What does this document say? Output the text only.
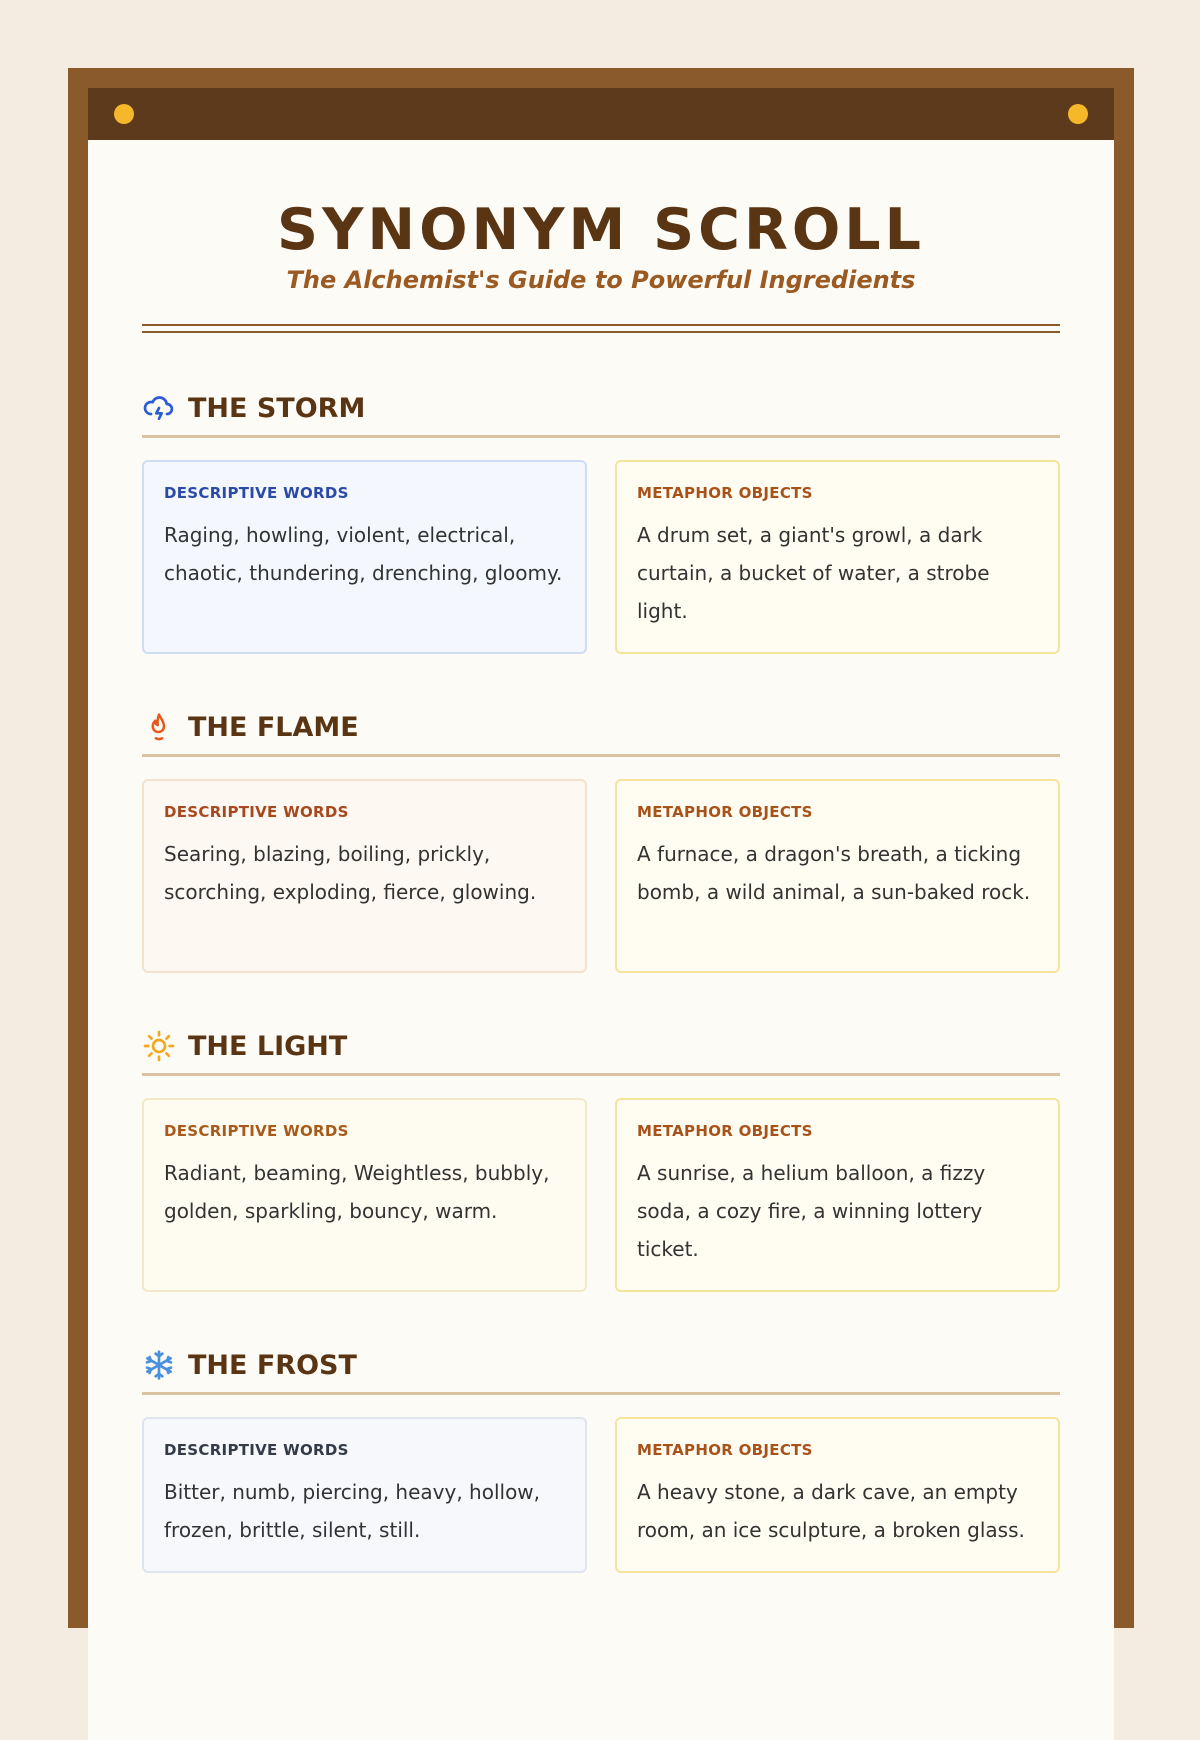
SYNONYM SCROLL
The Alchemist's Guide to Powerful Ingredients
THE STORM
DESCRIPTIVE WORDS
Raging, howling, violent, electrical, chaotic, thundering, drenching, gloomy.
METAPHOR OBJECTS
A drum set, a giant's growl, a dark curtain, a bucket of water, a strobe light.
THE FLAME
DESCRIPTIVE WORDS
Searing, blazing, boiling, prickly, scorching, exploding, fierce, glowing.
METAPHOR OBJECTS
A furnace, a dragon's breath, a ticking bomb, a wild animal, a sun-baked rock.
THE LIGHT
DESCRIPTIVE WORDS
Radiant, beaming, Weightless, bubbly, golden, sparkling, bouncy, warm.
METAPHOR OBJECTS
A sunrise, a helium balloon, a fizzy soda, a cozy fire, a winning lottery ticket.
THE FROST
DESCRIPTIVE WORDS
Bitter, numb, piercing, heavy, hollow, frozen, brittle, silent, still.
METAPHOR OBJECTS
A heavy stone, a dark cave, an empty room, an ice sculpture, a broken glass.
